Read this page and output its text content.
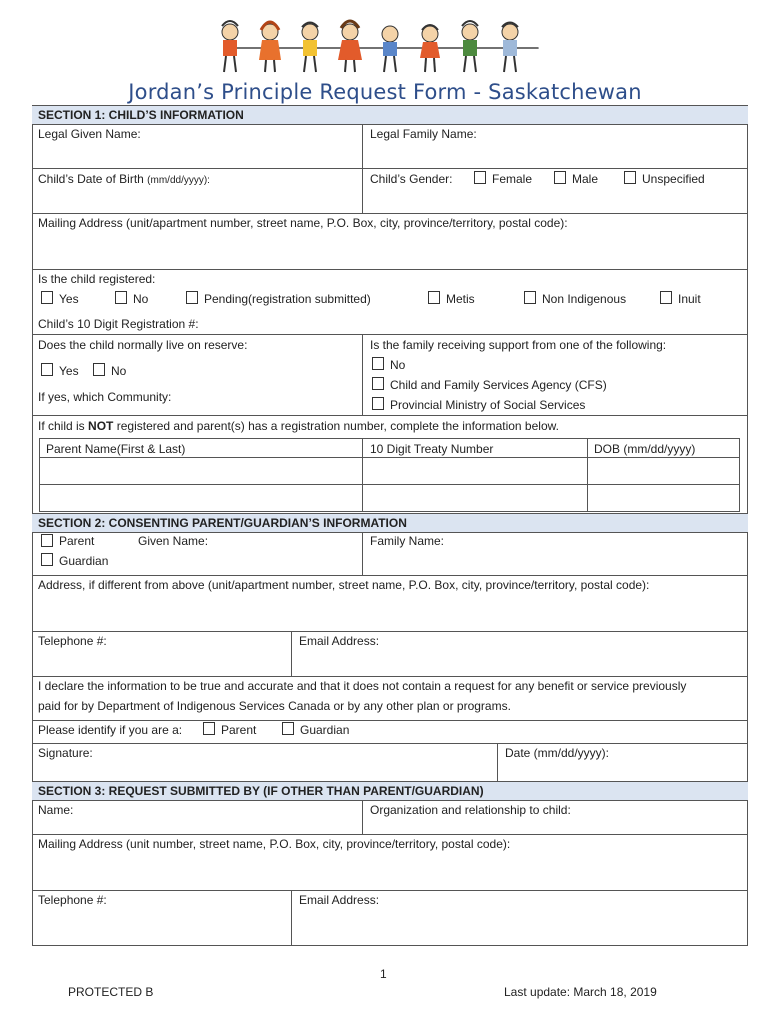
Jordan’s Principle Request Form - Saskatchewan
SECTION 1: CHILD’S INFORMATION
Legal Given Name:	Legal Family Name:
Child’s Date of Birth (mm/dd/yyyy):	Child’s Gender:	Female	Male	Unspecified
Mailing Address (unit/apartment number, street name, P.O. Box, city, province/territory, postal code):
Is the child registered:
Yes	No	Pending(registration submitted)	Metis	Non Indigenous	Inuit
Child’s 10 Digit Registration #:
Does the child normally live on reserve:
Yes	No
If yes, which Community:
Is the family receiving support from one of the following:
No
Child and Family Services Agency (CFS)
Provincial Ministry of Social Services
If child is NOT registered and parent(s) has a registration number, complete the information below.
Parent Name(First & Last)	10 Digit Treaty Number	DOB (mm/dd/yyyy)
SECTION 2: CONSENTING PARENT/GUARDIAN’S INFORMATION
Parent
Guardian
Given Name:	Family Name:
Address, if different from above (unit/apartment number, street name, P.O. Box, city, province/territory, postal code):
Telephone #:	Email Address:
I declare the information to be true and accurate and that it does not contain a request for any benefit or service previously
paid for by Department of Indigenous Services Canada or by any other plan or programs.
Please identify if you are a:	Parent	Guardian
Signature:	Date (mm/dd/yyyy):
SECTION 3: REQUEST SUBMITTED BY (IF OTHER THAN PARENT/GUARDIAN)
Name:	Organization and relationship to child:
Mailing Address (unit number, street name, P.O. Box, city, province/territory, postal code):
Telephone #:	Email Address:
1
PROTECTED B	Last update: March 18, 2019
